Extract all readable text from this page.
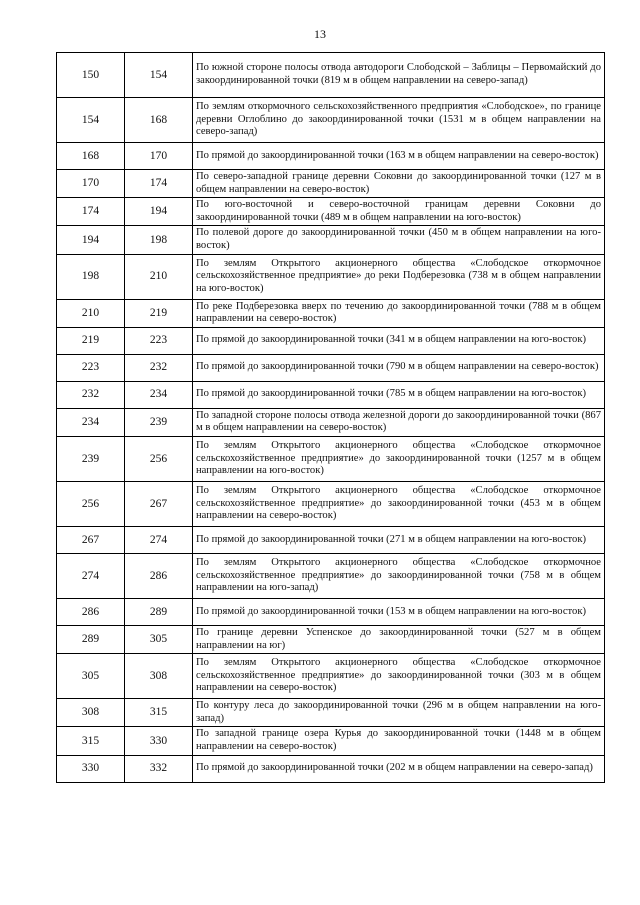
13
150	154	По южной стороне полосы отвода автодороги Слободской – Заблицы – Первомайский до закоординированной точки (819 м в общем направлении на северо-запад)
154	168	По землям откормочного сельскохозяйственного предприятия «Слободское», по границе деревни Оглоблино до закоординированной точки (1531 м в общем направлении на северо-запад)
168	170	По прямой до закоординированной точки (163 м в общем направлении на северо-восток)
170	174	По северо-западной границе деревни Соковни до закоординированной точки (127 м в общем направлении на северо-восток)
174	194	По юго-восточной и северо-восточной границам деревни Соковни до закоординированной точки (489 м в общем направлении на юго-восток)
194	198	По полевой дороге до закоординированной точки (450 м в общем направлении на юго-восток)
198	210	По землям Открытого акционерного общества «Слободское откормочное сельскохозяйственное предприятие» до реки Подберезовка (738 м в общем направлении на юго-восток)
210	219	По реке Подберезовка вверх по течению до закоординированной точки (788 м в общем направлении на северо-восток)
219	223	По прямой до закоординированной точки (341 м в общем направлении на юго-восток)
223	232	По прямой до закоординированной точки (790 м в общем направлении на северо-восток)
232	234	По прямой до закоординированной точки (785 м в общем направлении на юго-восток)
234	239	По западной стороне полосы отвода железной дороги до закоординированной точки (867 м в общем направлении на северо-восток)
239	256	По землям Открытого акционерного общества «Слободское откормочное сельскохозяйственное предприятие» до закоординированной точки (1257 м в общем направлении на юго-восток)
256	267	По землям Открытого акционерного общества «Слободское откормочное сельскохозяйственное предприятие» до закоординированной точки (453 м в общем направлении на северо-восток)
267	274	По прямой до закоординированной точки (271 м в общем направлении на юго-восток)
274	286	По землям Открытого акционерного общества «Слободское откормочное сельскохозяйственное предприятие» до закоординированной точки (758 м в общем направлении на юго-запад)
286	289	По прямой до закоординированной точки (153 м в общем направлении на юго-восток)
289	305	По границе деревни Успенское до закоординированной точки (527 м в общем направлении на юг)
305	308	По землям Открытого акционерного общества «Слободское откормочное сельскохозяйственное предприятие» до закоординированной точки (303 м в общем направлении на северо-восток)
308	315	По контуру леса до закоординированной точки (296 м в общем направлении на юго-запад)
315	330	По западной границе озера Курья до закоординированной точки (1448 м в общем направлении на северо-восток)
330	332	По прямой до закоординированной точки (202 м в общем направлении на северо-запад)
